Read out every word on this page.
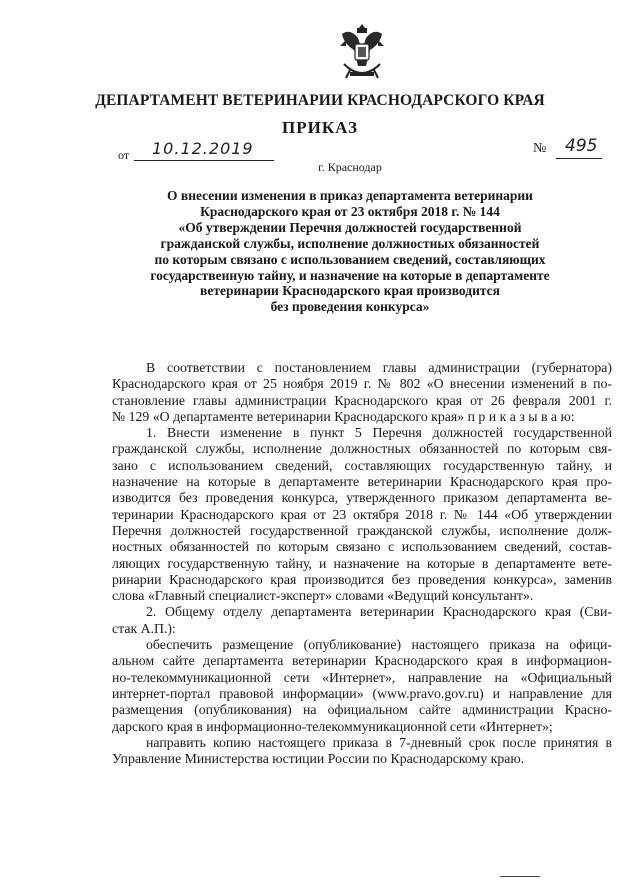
ДЕПАРТАМЕНТ ВЕТЕРИНАРИИ КРАСНОДАРСКОГО КРАЯ
ПРИКАЗ
от 10.12.2019	№ 495
г. Краснодар
О внесении изменения в приказ департамента ветеринарии
Краснодарского края от 23 октября 2018 г. № 144
«Об утверждении Перечня должностей государственной
гражданской службы, исполнение должностных обязанностей
по которым связано с использованием сведений, составляющих
государственную тайну, и назначение на которые в департаменте
ветеринарии Краснодарского края производится
без проведения конкурса»
В соответствии с постановлением главы администрации (губернатора)
Краснодарского края от 25 ноября 2019 г. № 802 «О внесении изменений в по-
становление главы администрации Краснодарского края от 26 февраля 2001 г.
№ 129 «О департаменте ветеринарии Краснодарского края» п р и к а з ы в а ю:
1. Внести изменение в пункт 5 Перечня должностей государственной
гражданской службы, исполнение должностных обязанностей по которым свя-
зано с использованием сведений, составляющих государственную тайну, и
назначение на которые в департаменте ветеринарии Краснодарского края про-
изводится без проведения конкурса, утвержденного приказом департамента ве-
теринарии Краснодарского края от 23 октября 2018 г. № 144 «Об утверждении
Перечня должностей государственной гражданской службы, исполнение долж-
ностных обязанностей по которым связано с использованием сведений, состав-
ляющих государственную тайну, и назначение на которые в департаменте вете-
ринарии Краснодарского края производится без проведения конкурса», заменив
слова «Главный специалист-эксперт» словами «Ведущий консультант».
2. Общему отделу департамента ветеринарии Краснодарского края (Сви-
стак А.П.):
обеспечить размещение (опубликование) настоящего приказа на офици-
альном сайте департамента ветеринарии Краснодарского края в информацион-
но-телекоммуникационной сети «Интернет», направление на «Официальный
интернет-портал правовой информации» (www.pravo.gov.ru) и направление для
размещения (опубликования) на официальном сайте администрации Красно-
дарского края в информационно-телекоммуникационной сети «Интернет»;
направить копию настоящего приказа в 7-дневный срок после принятия в
Управление Министерства юстиции России по Краснодарскому краю.
